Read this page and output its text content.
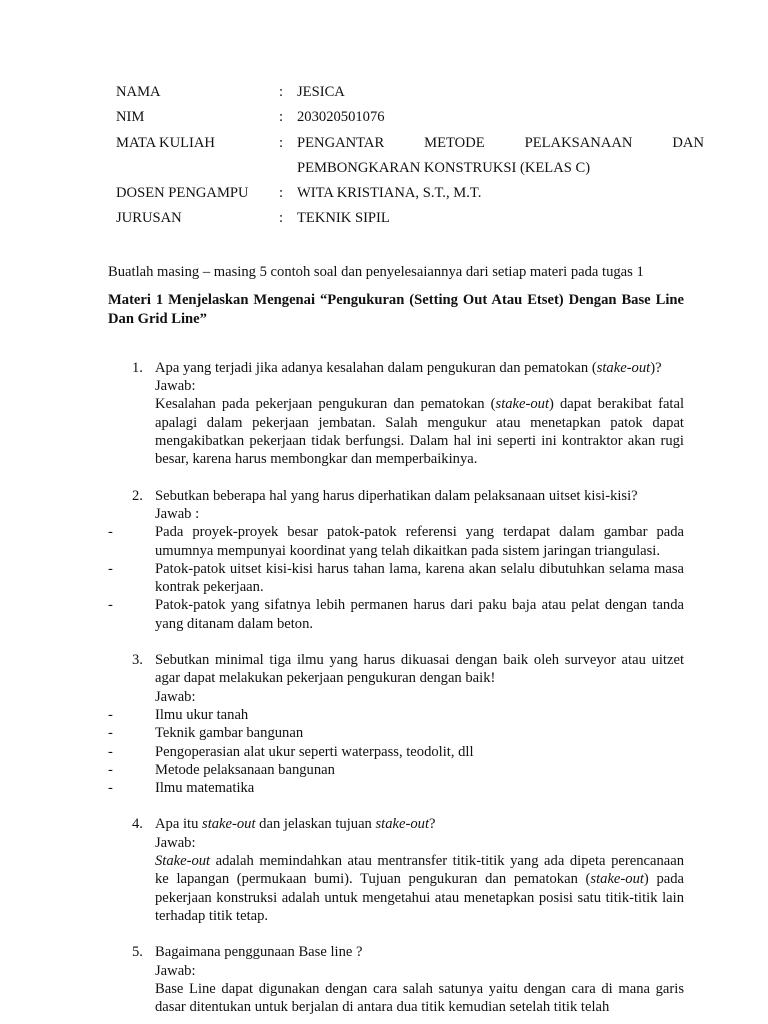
NAMA	: JESICA
NIM	: 203020501076
MATA KULIAH	: PENGANTAR METODE PELAKSANAAN DAN
PEMBONGKARAN KONSTRUKSI (KELAS C)
DOSEN PENGAMPU	: WITA KRISTIANA, S.T., M.T.
JURUSAN	: TEKNIK SIPIL

Buatlah masing – masing 5 contoh soal dan penyelesaiannya dari setiap materi pada tugas 1

Materi 1 Menjelaskan Mengenai “Pengukuran (Setting Out Atau Etset) Dengan Base Line Dan Grid Line”

1. Apa yang terjadi jika adanya kesalahan dalam pengukuran dan pematokan (stake-out)?
Jawab:
Kesalahan pada pekerjaan pengukuran dan pematokan (stake-out) dapat berakibat fatal apalagi dalam pekerjaan jembatan. Salah mengukur atau menetapkan patok dapat mengakibatkan pekerjaan tidak berfungsi. Dalam hal ini seperti ini kontraktor akan rugi besar, karena harus membongkar dan memperbaikinya.
2. Sebutkan beberapa hal yang harus diperhatikan dalam pelaksanaan uitset kisi-kisi?
Jawab :
-	Pada proyek-proyek besar patok-patok referensi yang terdapat dalam gambar pada umumnya mempunyai koordinat yang telah dikaitkan pada sistem jaringan triangulasi.
-	Patok-patok uitset kisi-kisi harus tahan lama, karena akan selalu dibutuhkan selama masa kontrak pekerjaan.
-	Patok-patok yang sifatnya lebih permanen harus dari paku baja atau pelat dengan tanda yang ditanam dalam beton.
3. Sebutkan minimal tiga ilmu yang harus dikuasai dengan baik oleh surveyor atau uitzet agar dapat melakukan pekerjaan pengukuran dengan baik!
Jawab:
-	Ilmu ukur tanah
-	Teknik gambar bangunan
-	Pengoperasian alat ukur seperti waterpass, teodolit, dll
-	Metode pelaksanaan bangunan
-	Ilmu matematika
4. Apa itu stake-out dan jelaskan tujuan stake-out?
Jawab:
Stake-out adalah memindahkan atau mentransfer titik-titik yang ada dipeta perencanaan ke lapangan (permukaan bumi). Tujuan pengukuran dan pematokan (stake-out) pada pekerjaan konstruksi adalah untuk mengetahui atau menetapkan posisi satu titik-titik lain terhadap titik tetap.
5. Bagaimana penggunaan Base line ?
Jawab:
Base Line dapat digunakan dengan cara salah satunya yaitu dengan cara di mana garis dasar ditentukan untuk berjalan di antara dua titik kemudian setelah titik telah
